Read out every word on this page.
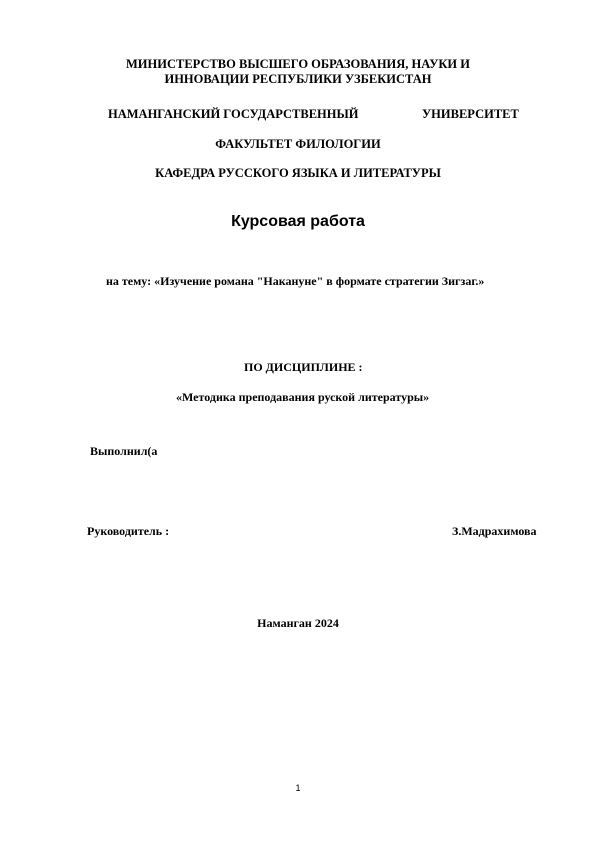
МИНИСТЕРСТВО ВЫСШЕГО ОБРАЗОВАНИЯ, НАУКИ И
ИННОВАЦИИ РЕСПУБЛИКИ УЗБЕКИСТАН
НАМАНГАНСКИЙ ГОСУДАРСТВЕННЫЙ	УНИВЕРСИТЕТ
ФАКУЛЬТЕТ ФИЛОЛОГИИ
КАФЕДРА РУССКОГО ЯЗЫКА И ЛИТЕРАТУРЫ
Курсовая работа
на тему: «Изучение романа "Накануне" в формате стратегии Зигзаг.»
ПО ДИСЦИПЛИНЕ :
«Методика преподавания руской литературы»
Выполнил(а
Руководитель :	З.Мадрахимова
Наманган 2024
1
